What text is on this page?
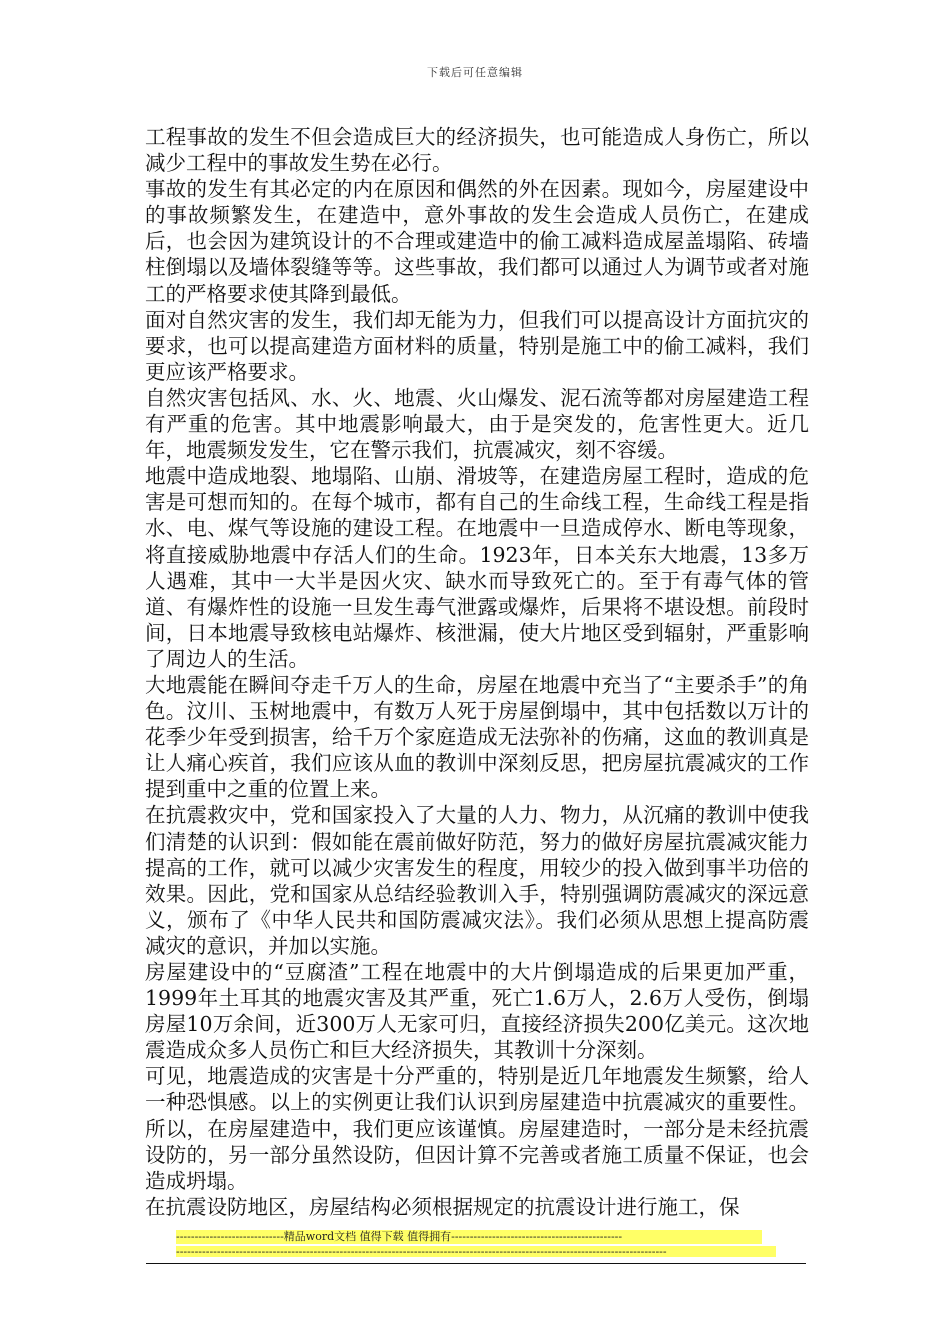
下载后可任意编辑

工程事故的发生不但会造成巨大的经济损失，也可能造成人身伤亡，所以减少工程中的事故发生势在必行。

事故的发生有其必定的内在原因和偶然的外在因素。现如今，房屋建设中的事故频繁发生，在建造中，意外事故的发生会造成人员伤亡，在建成后，也会因为建筑设计的不合理或建造中的偷工减料造成屋盖塌陷、砖墙柱倒塌以及墙体裂缝等等。这些事故，我们都可以通过人为调节或者对施工的严格要求使其降到最低。

面对自然灾害的发生，我们却无能为力，但我们可以提高设计方面抗灾的要求，也可以提高建造方面材料的质量，特别是施工中的偷工减料，我们更应该严格要求。

自然灾害包括风、水、火、地震、火山爆发、泥石流等都对房屋建造工程有严重的危害。其中地震影响最大，由于是突发的，危害性更大。近几年，地震频发发生，它在警示我们，抗震减灾，刻不容缓。

地震中造成地裂、地塌陷、山崩、滑坡等，在建造房屋工程时，造成的危害是可想而知的。在每个城市，都有自己的生命线工程，生命线工程是指水、电、煤气等设施的建设工程。在地震中一旦造成停水、断电等现象，将直接威胁地震中存活人们的生命。1923年，日本关东大地震，13多万人遇难，其中一大半是因火灾、缺水而导致死亡的。至于有毒气体的管道、有爆炸性的设施一旦发生毒气泄露或爆炸，后果将不堪设想。前段时间，日本地震导致核电站爆炸、核泄漏，使大片地区受到辐射，严重影响了周边人的生活。

大地震能在瞬间夺走千万人的生命，房屋在地震中充当了“主要杀手”的角色。汶川、玉树地震中，有数万人死于房屋倒塌中，其中包括数以万计的花季少年受到损害，给千万个家庭造成无法弥补的伤痛，这血的教训真是让人痛心疾首，我们应该从血的教训中深刻反思，把房屋抗震减灾的工作提到重中之重的位置上来。

在抗震救灾中，党和国家投入了大量的人力、物力，从沉痛的教训中使我们清楚的认识到：假如能在震前做好防范，努力的做好房屋抗震减灾能力提高的工作，就可以减少灾害发生的程度，用较少的投入做到事半功倍的效果。因此，党和国家从总结经验教训入手，特别强调防震减灾的深远意义，颁布了《中华人民共和国防震减灾法》。我们必须从思想上提高防震减灾的意识，并加以实施。

房屋建设中的“豆腐渣”工程在地震中的大片倒塌造成的后果更加严重，1999年土耳其的地震灾害及其严重，死亡1.6万人，2.6万人受伤，倒塌房屋10万余间，近300万人无家可归，直接经济损失200亿美元。这次地震造成众多人员伤亡和巨大经济损失，其教训十分深刻。

可见，地震造成的灾害是十分严重的，特别是近几年地震发生频繁，给人一种恐惧感。以上的实例更让我们认识到房屋建造中抗震减灾的重要性。所以，在房屋建造中，我们更应该谨慎。房屋建造时，一部分是未经抗震设防的，另一部分虽然设防，但因计算不完善或者施工质量不保证，也会造成坍塌。

在抗震设防地区，房屋结构必须根据规定的抗震设计进行施工，保

-----------------------------精品word文档 值得下载 值得拥有----------------------------------------------
------------------------------------------------------------------------------------------------------------------------------------
